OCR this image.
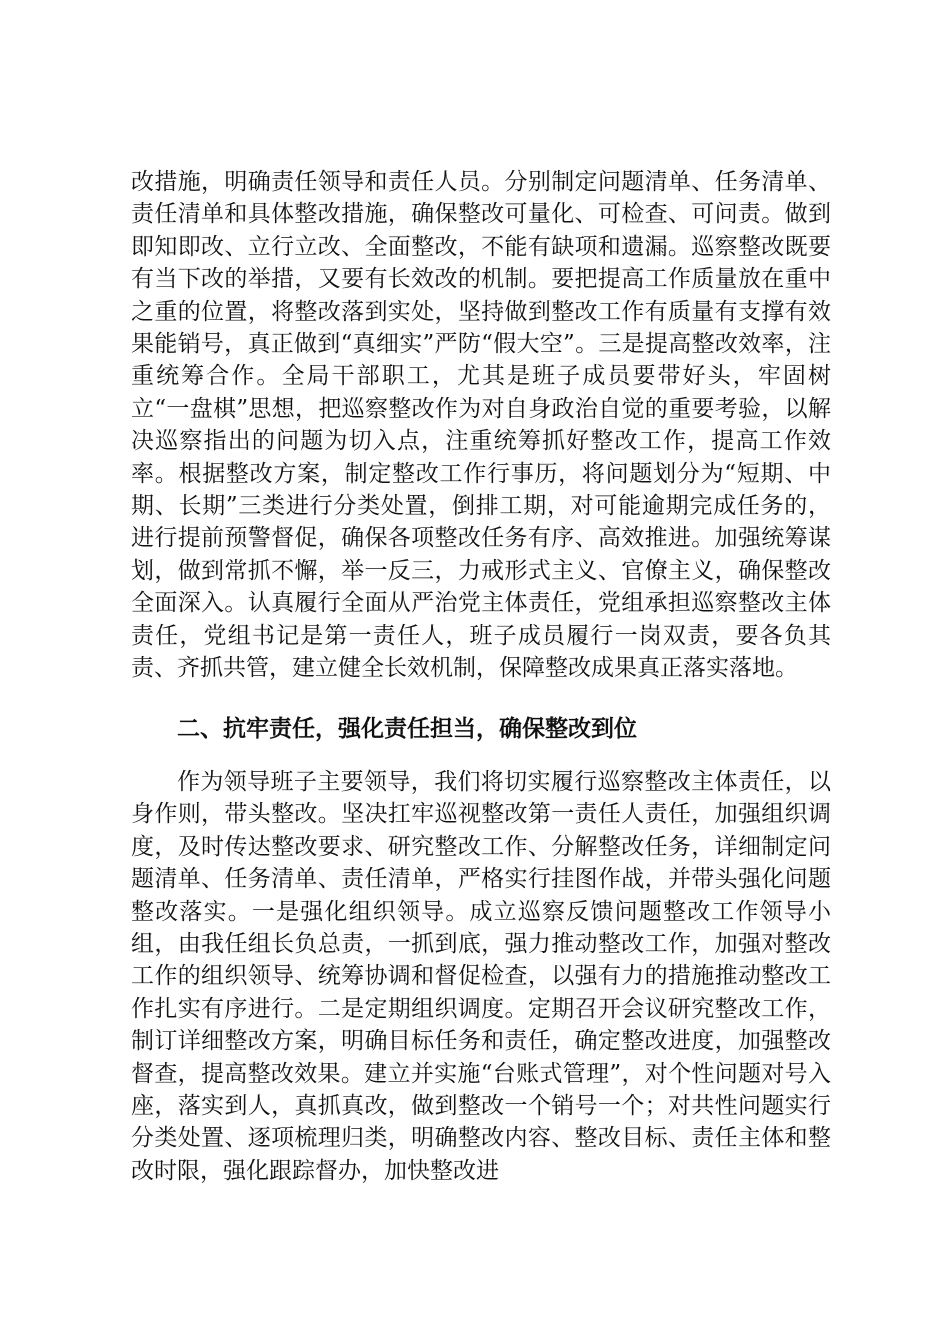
改措施，明确责任领导和责任人员。分别制定问题清单、任务清单、责任清单和具体整改措施，确保整改可量化、可检查、可问责。做到即知即改、立行立改、全面整改，不能有缺项和遗漏。巡察整改既要有当下改的举措，又要有长效改的机制。要把提高工作质量放在重中之重的位置，将整改落到实处，坚持做到整改工作有质量有支撑有效果能销号，真正做到“真细实”严防“假大空”。三是提高整改效率，注重统筹合作。全局干部职工，尤其是班子成员要带好头，牢固树立“一盘棋”思想，把巡察整改作为对自身政治自觉的重要考验，以解决巡察指出的问题为切入点，注重统筹抓好整改工作，提高工作效率。根据整改方案，制定整改工作行事历，将问题划分为“短期、中期、长期”三类进行分类处置，倒排工期，对可能逾期完成任务的，进行提前预警督促，确保各项整改任务有序、高效推进。加强统筹谋划，做到常抓不懈，举一反三，力戒形式主义、官僚主义，确保整改全面深入。认真履行全面从严治党主体责任，党组承担巡察整改主体责任，党组书记是第一责任人，班子成员履行一岗双责，要各负其责、齐抓共管，建立健全长效机制，保障整改成果真正落实落地。

二、抗牢责任，强化责任担当，确保整改到位

作为领导班子主要领导，我们将切实履行巡察整改主体责任，以身作则，带头整改。坚决扛牢巡视整改第一责任人责任，加强组织调度，及时传达整改要求、研究整改工作、分解整改任务，详细制定问题清单、任务清单、责任清单，严格实行挂图作战，并带头强化问题整改落实。一是强化组织领导。成立巡察反馈问题整改工作领导小组，由我任组长负总责，一抓到底，强力推动整改工作，加强对整改工作的组织领导、统筹协调和督促检查，以强有力的措施推动整改工作扎实有序进行。二是定期组织调度。定期召开会议研究整改工作，制订详细整改方案，明确目标任务和责任，确定整改进度，加强整改督查，提高整改效果。建立并实施“台账式管理”，对个性问题对号入座，落实到人，真抓真改，做到整改一个销号一个；对共性问题实行分类处置、逐项梳理归类，明确整改内容、整改目标、责任主体和整改时限，强化跟踪督办，加快整改进
